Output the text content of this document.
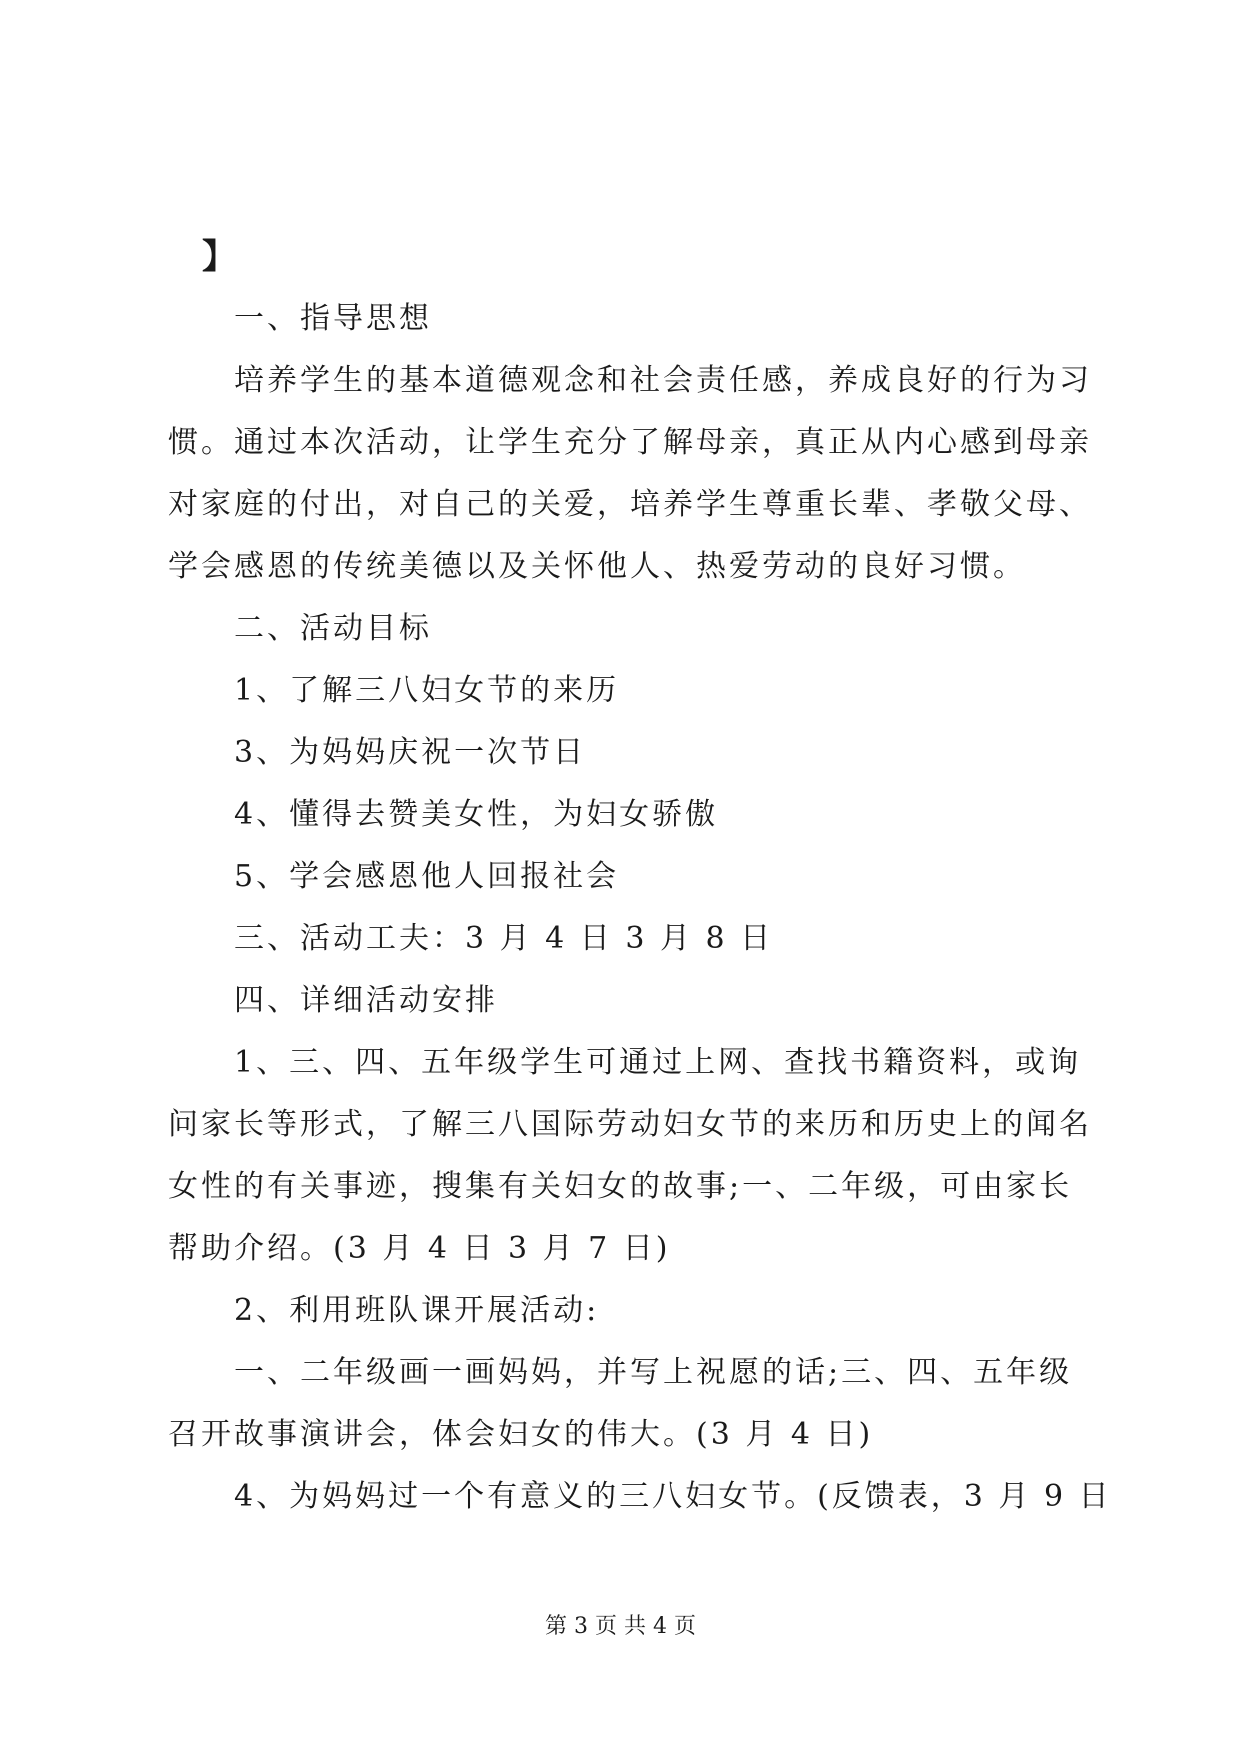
】
一、指导思想
培养学生的基本道德观念和社会责任感，养成良好的行为习
惯。通过本次活动，让学生充分了解母亲，真正从内心感到母亲
对家庭的付出，对自己的关爱，培养学生尊重长辈、孝敬父母、
学会感恩的传统美德以及关怀他人、热爱劳动的良好习惯。
二、活动目标
1、了解三八妇女节的来历
3、为妈妈庆祝一次节日
4、懂得去赞美女性，为妇女骄傲
5、学会感恩他人回报社会
三、活动工夫：3 月 4 日 3 月 8 日
四、详细活动安排
1、三、四、五年级学生可通过上网、查找书籍资料，或询
问家长等形式，了解三八国际劳动妇女节的来历和历史上的闻名
女性的有关事迹，搜集有关妇女的故事;一、二年级，可由家长
帮助介绍。(3 月 4 日 3 月 7 日)
2、利用班队课开展活动:
一、二年级画一画妈妈，并写上祝愿的话;三、四、五年级
召开故事演讲会，体会妇女的伟大。(3 月 4 日)
4、为妈妈过一个有意义的三八妇女节。(反馈表，3 月 9 日
第 3 页 共 4 页
